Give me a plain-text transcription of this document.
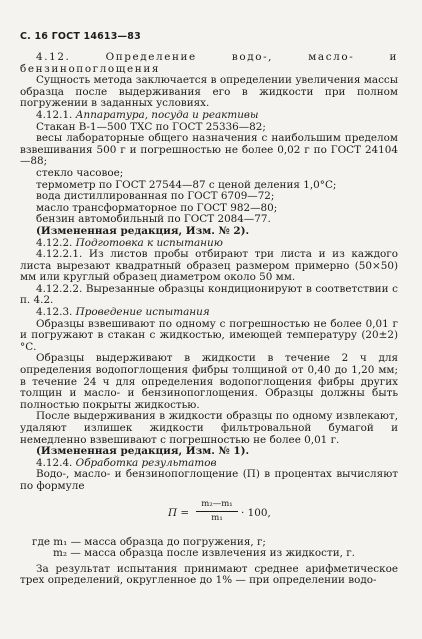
С. 16 ГОСТ 14613—83

4.12. Определение водо-, масло- и бензинопоглощения

Сущность метода заключается в определении увеличения массы образца после выдерживания его в жидкости при полном погружении в заданных условиях.

4.12.1. Аппаратура, посуда и реактивы

Стакан В-1—500 ТХС по ГОСТ 25336—82;

весы лабораторные общего назначения с наибольшим пределом взвешивания 500 г и погрешностью не более 0,02 г по ГОСТ 24104—88;

стекло часовое;

термометр по ГОСТ 27544—87 с ценой деления 1,0°С;

вода дистиллированная по ГОСТ 6709—72;

масло трансформаторное по ГОСТ 982—80;

бензин автомобильный по ГОСТ 2084—77.

(Измененная редакция, Изм. № 2).

4.12.2. Подготовка к испытанию

4.12.2.1. Из листов пробы отбирают три листа и из каждого листа вырезают квадратный образец размером примерно (50×50) мм или круглый образец диаметром около 50 мм.

4.12.2.2. Вырезанные образцы кондиционируют в соответствии с п. 4.2.

4.12.3. Проведение испытания

Образцы взвешивают по одному с погрешностью не более 0,01 г и погружают в стакан с жидкостью, имеющей температуру (20±2)°С.

Образцы выдерживают в жидкости в течение 2 ч для определения водопоглощения фибры толщиной от 0,40 до 1,20 мм; в течение 24 ч для определения водопоглощения фибры других толщин и масло- и бензинопоглощения. Образцы должны быть полностью покрыты жидкостью.

После выдерживания в жидкости образцы по одному извлекают, удаляют излишек жидкости фильтровальной бумагой и немедленно взвешивают с погрешностью не более 0,01 г.

(Измененная редакция, Изм. № 1).

4.12.4. Обработка результатов

Водо-, масло- и бензинопоглощение (П) в процентах вычисляют по формуле

$П = \frac{\text{m₂—m₁}}{\text{m₁}} \cdot 100$,

где m₁ — масса образца до погружения, г;

m₂ — масса образца после извлечения из жидкости, г.

За результат испытания принимают среднее арифметическое трех определений, округленное до 1% — при определении водо-
